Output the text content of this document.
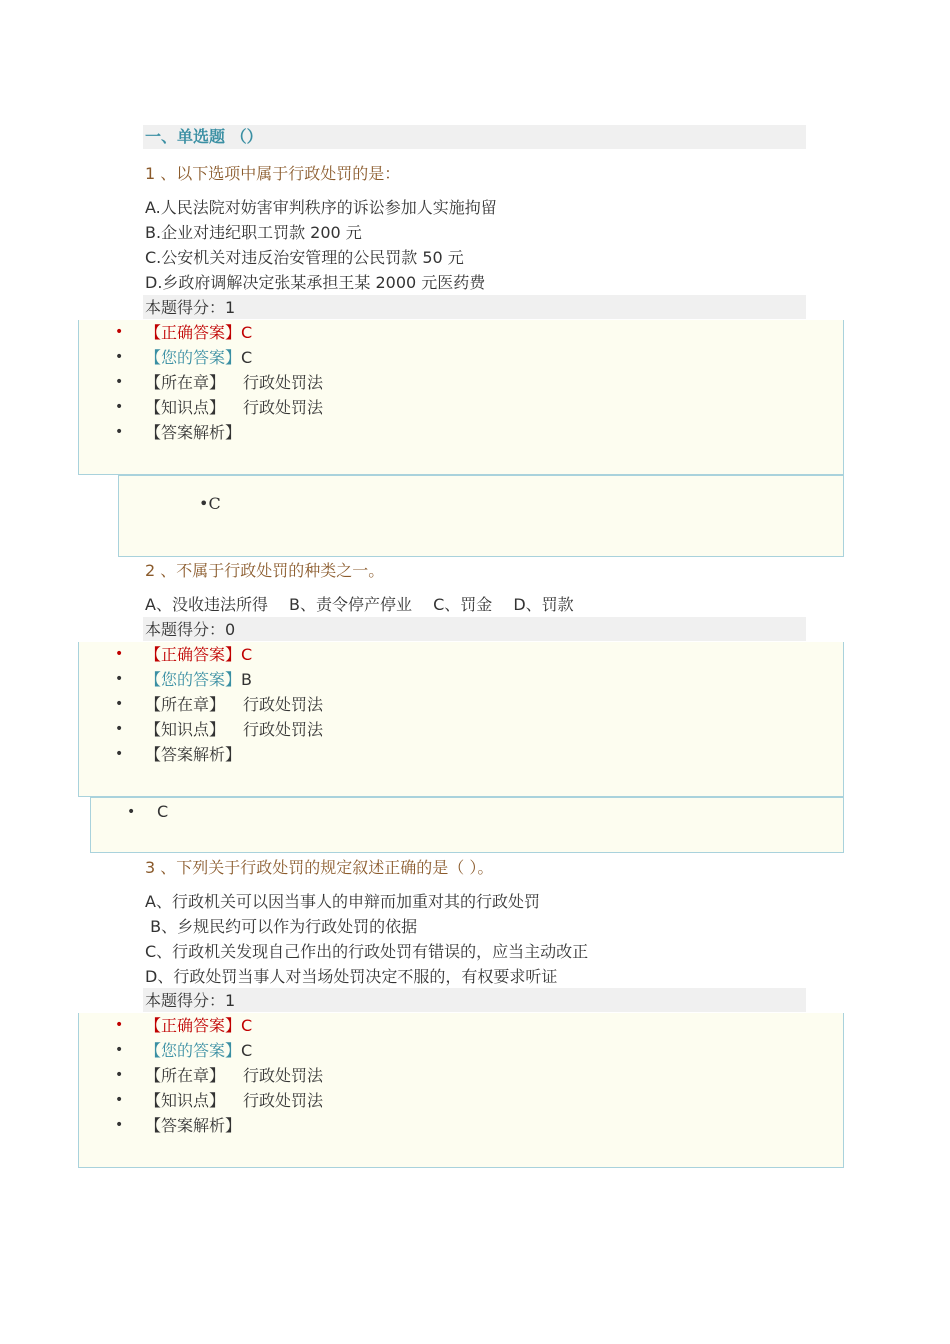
一、单选题 （）
1 、以下选项中属于行政处罚的是：
A.人民法院对妨害审判秩序的诉讼参加人实施拘留
B.企业对违纪职工罚款 200 元
C.公安机关对违反治安管理的公民罚款 50 元
D.乡政府调解决定张某承担王某 2000 元医药费
本题得分：1
• 【正确答案】C
• 【您的答案】C
• 【所在章】 行政处罚法
• 【知识点】 行政处罚法
• 【答案解析】
•C
2 、不属于行政处罚的种类之一。
A、没收违法所得　 B、责令停产停业　 C、罚金　 D、罚款
本题得分：0
• 【正确答案】C
• 【您的答案】B
• 【所在章】 行政处罚法
• 【知识点】 行政处罚法
• 【答案解析】
• C
3 、下列关于行政处罚的规定叙述正确的是（ ）。
A、行政机关可以因当事人的申辩而加重对其的行政处罚
B、乡规民约可以作为行政处罚的依据
C、行政机关发现自己作出的行政处罚有错误的，应当主动改正
D、行政处罚当事人对当场处罚决定不服的，有权要求听证
本题得分：1
• 【正确答案】C
• 【您的答案】C
• 【所在章】 行政处罚法
• 【知识点】 行政处罚法
• 【答案解析】
